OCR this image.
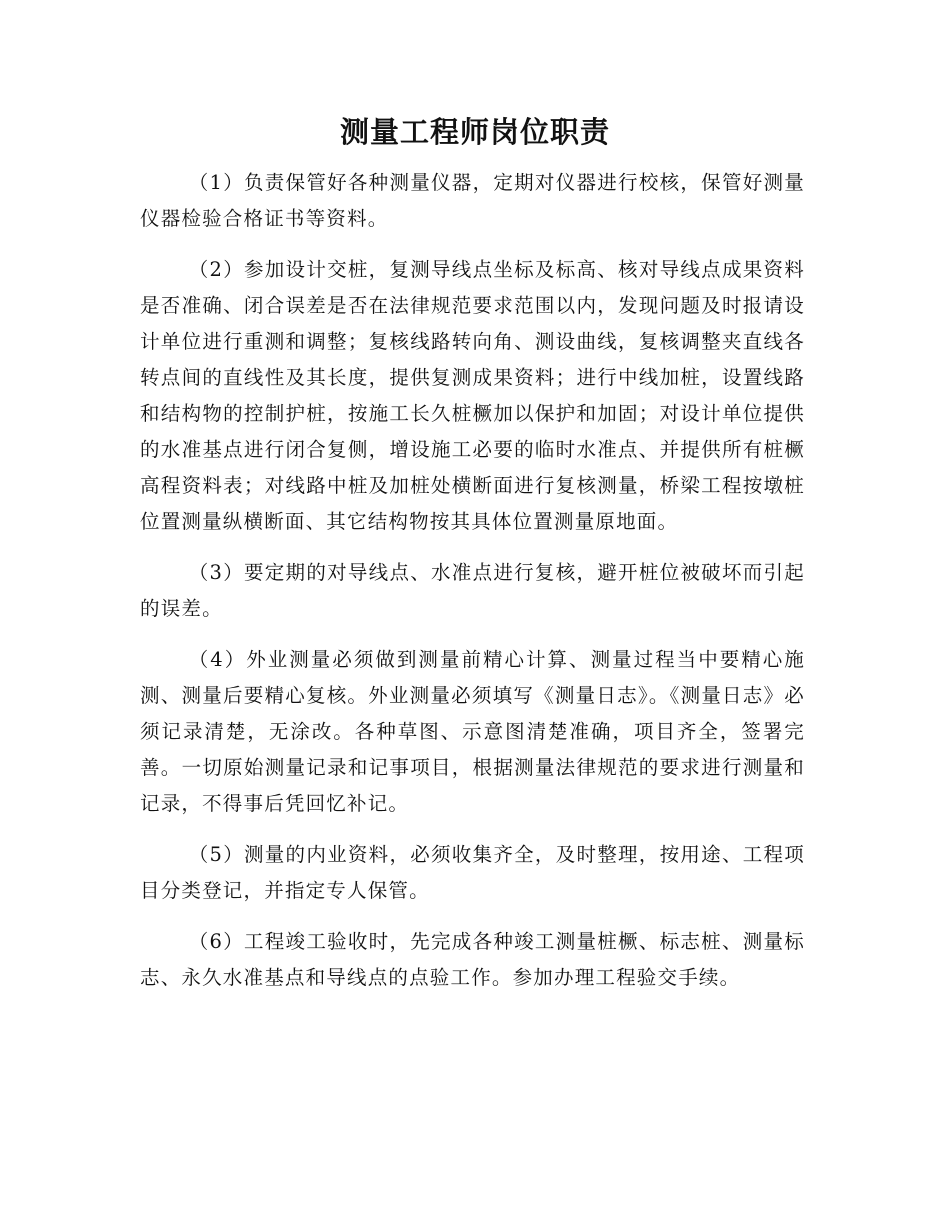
测量工程师岗位职责

（1）负责保管好各种测量仪器，定期对仪器进行校核，保管好测量仪器检验合格证书等资料。

（2）参加设计交桩，复测导线点坐标及标高、核对导线点成果资料是否准确、闭合误差是否在法律规范要求范围以内，发现问题及时报请设计单位进行重测和调整；复核线路转向角、测设曲线，复核调整夹直线各转点间的直线性及其长度，提供复测成果资料；进行中线加桩，设置线路和结构物的控制护桩，按施工长久桩橛加以保护和加固；对设计单位提供的水准基点进行闭合复侧，增设施工必要的临时水准点、并提供所有桩橛高程资料表；对线路中桩及加桩处横断面进行复核测量，桥梁工程按墩桩位置测量纵横断面、其它结构物按其具体位置测量原地面。

（3）要定期的对导线点、水准点进行复核，避开桩位被破坏而引起的误差。

（4）外业测量必须做到测量前精心计算、测量过程当中要精心施测、测量后要精心复核。外业测量必须填写《测量日志》。《测量日志》必须记录清楚，无涂改。各种草图、示意图清楚准确，项目齐全，签署完善。一切原始测量记录和记事项目，根据测量法律规范的要求进行测量和记录，不得事后凭回忆补记。

（5）测量的内业资料，必须收集齐全，及时整理，按用途、工程项目分类登记，并指定专人保管。

（6）工程竣工验收时，先完成各种竣工测量桩橛、标志桩、测量标志、永久水准基点和导线点的点验工作。参加办理工程验交手续。
